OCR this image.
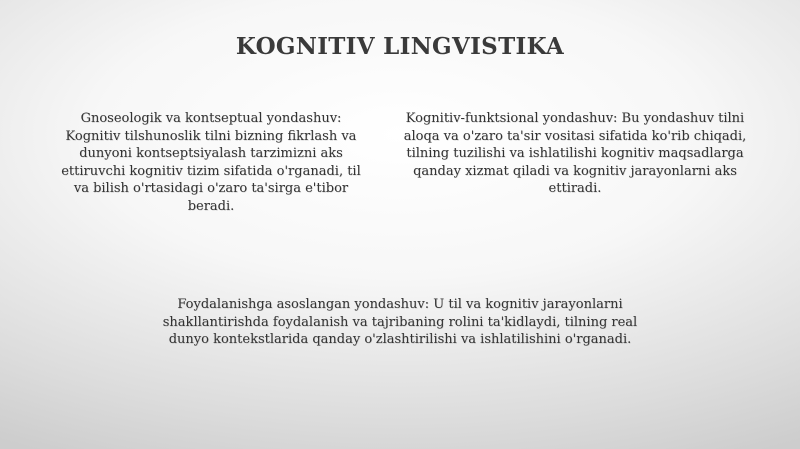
KOGNITIV LINGVISTIKA

Gnoseologik va kontseptual yondashuv: Kognitiv tilshunoslik tilni bizning fikrlash va dunyoni kontseptsiyalash tarzimizni aks ettiruvchi kognitiv tizim sifatida o'rganadi, til va bilish o'rtasidagi o'zaro ta'sirga e'tibor beradi.

Kognitiv-funktsional yondashuv: Bu yondashuv tilni aloqa va o'zaro ta'sir vositasi sifatida ko'rib chiqadi, tilning tuzilishi va ishlatilishi kognitiv maqsadlarga qanday xizmat qiladi va kognitiv jarayonlarni aks ettiradi.

Foydalanishga asoslangan yondashuv: U til va kognitiv jarayonlarni shakllantirishda foydalanish va tajribaning rolini ta'kidlaydi, tilning real dunyo kontekstlarida qanday o'zlashtirilishi va ishlatilishini o'rganadi.
